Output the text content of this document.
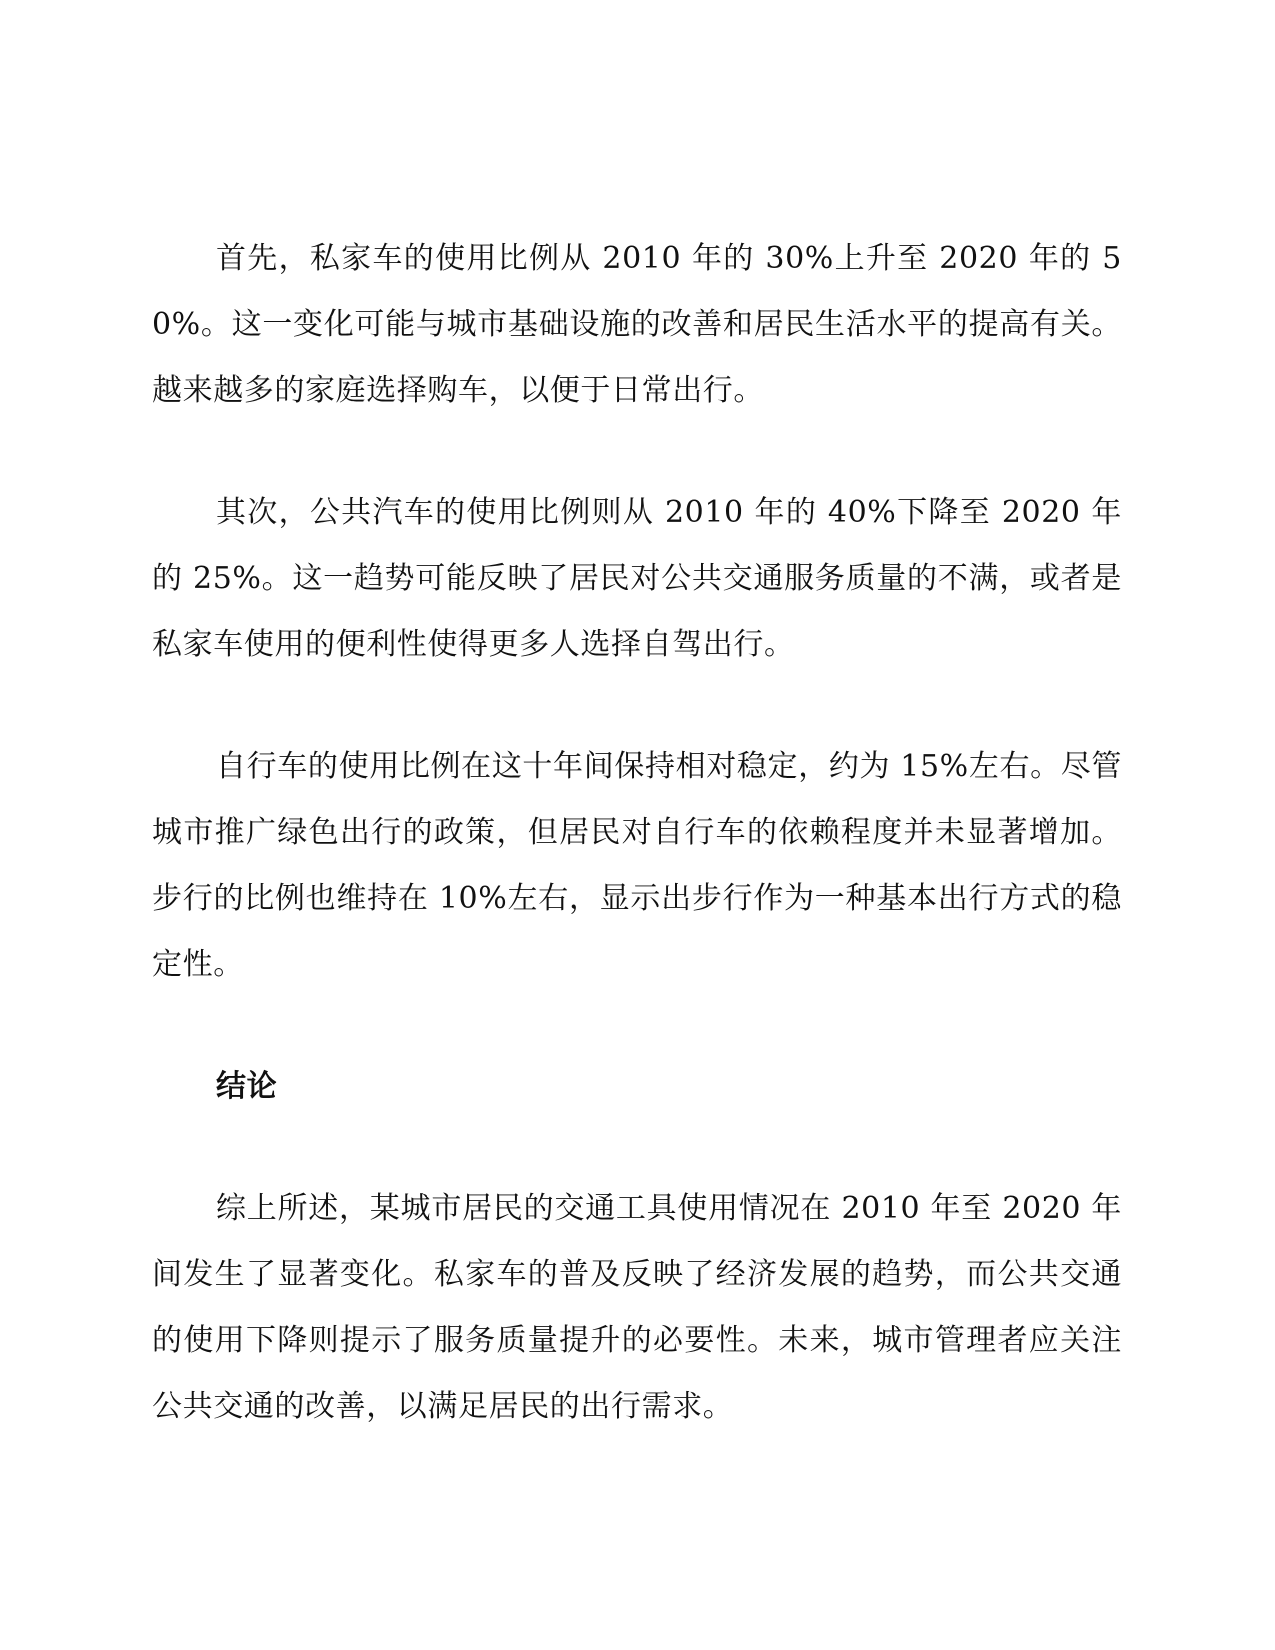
首先，私家车的使用比例从 2010 年的 30%上升至 2020 年的 50%。这一变化可能与城市基础设施的改善和居民生活水平的提高有关。越来越多的家庭选择购车，以便于日常出行。

其次，公共汽车的使用比例则从 2010 年的 40%下降至 2020 年的 25%。这一趋势可能反映了居民对公共交通服务质量的不满，或者是私家车使用的便利性使得更多人选择自驾出行。

自行车的使用比例在这十年间保持相对稳定，约为 15%左右。尽管城市推广绿色出行的政策，但居民对自行车的依赖程度并未显著增加。步行的比例也维持在 10%左右，显示出步行作为一种基本出行方式的稳定性。

结论

综上所述，某城市居民的交通工具使用情况在 2010 年至 2020 年间发生了显著变化。私家车的普及反映了经济发展的趋势，而公共交通的使用下降则提示了服务质量提升的必要性。未来，城市管理者应关注公共交通的改善，以满足居民的出行需求。
